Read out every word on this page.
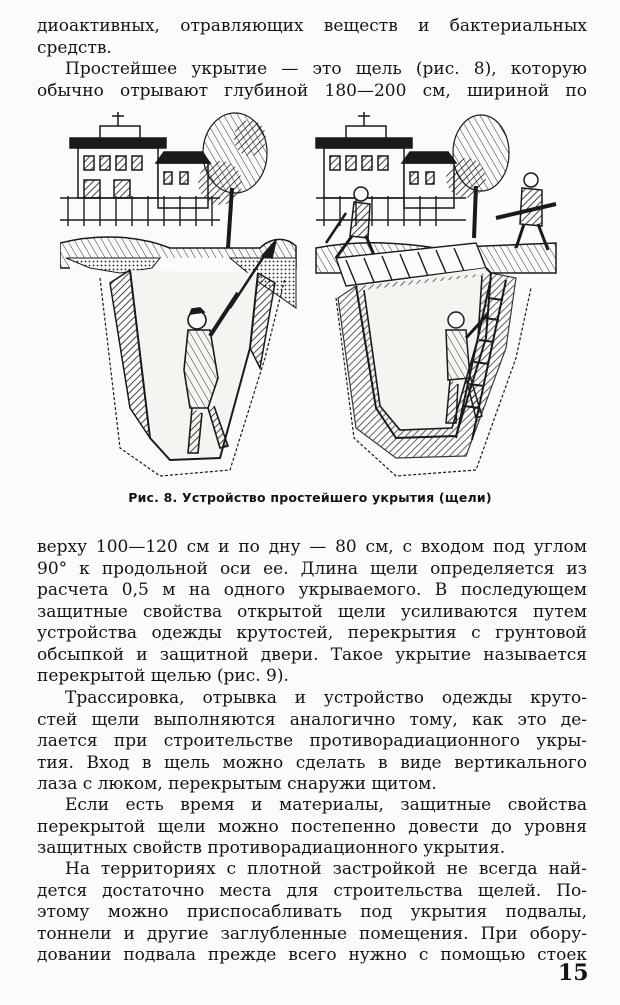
диоактивных, отравляющих веществ и бактериальных
средств.
Простейшее укрытие — это щель (рис. 8), которую
обычно отрывают глубиной 180—200 см, шириной по
Рис. 8. Устройство простейшего укрытия (щели)
верху 100—120 см и по дну — 80 см, с входом под углом
90° к продольной оси ее. Длина щели определяется из
расчета 0,5 м на одного укрываемого. В последующем
защитные свойства открытой щели усиливаются путем
устройства одежды крутостей, перекрытия с грунтовой
обсыпкой и защитной двери. Такое укрытие называется
перекрытой щелью (рис. 9).
Трассировка, отрывка и устройство одежды круто-
стей щели выполняются аналогично тому, как это де-
лается при строительстве противорадиационного укры-
тия. Вход в щель можно сделать в виде вертикального
лаза с люком, перекрытым снаружи щитом.
Если есть время и материалы, защитные свойства
перекрытой щели можно постепенно довести до уровня
защитных свойств противорадиационного укрытия.
На территориях с плотной застройкой не всегда най-
дется достаточно места для строительства щелей. По-
этому можно приспосабливать под укрытия подвалы,
тоннели и другие заглубленные помещения. При обору-
довании подвала прежде всего нужно с помощью стоек
15
